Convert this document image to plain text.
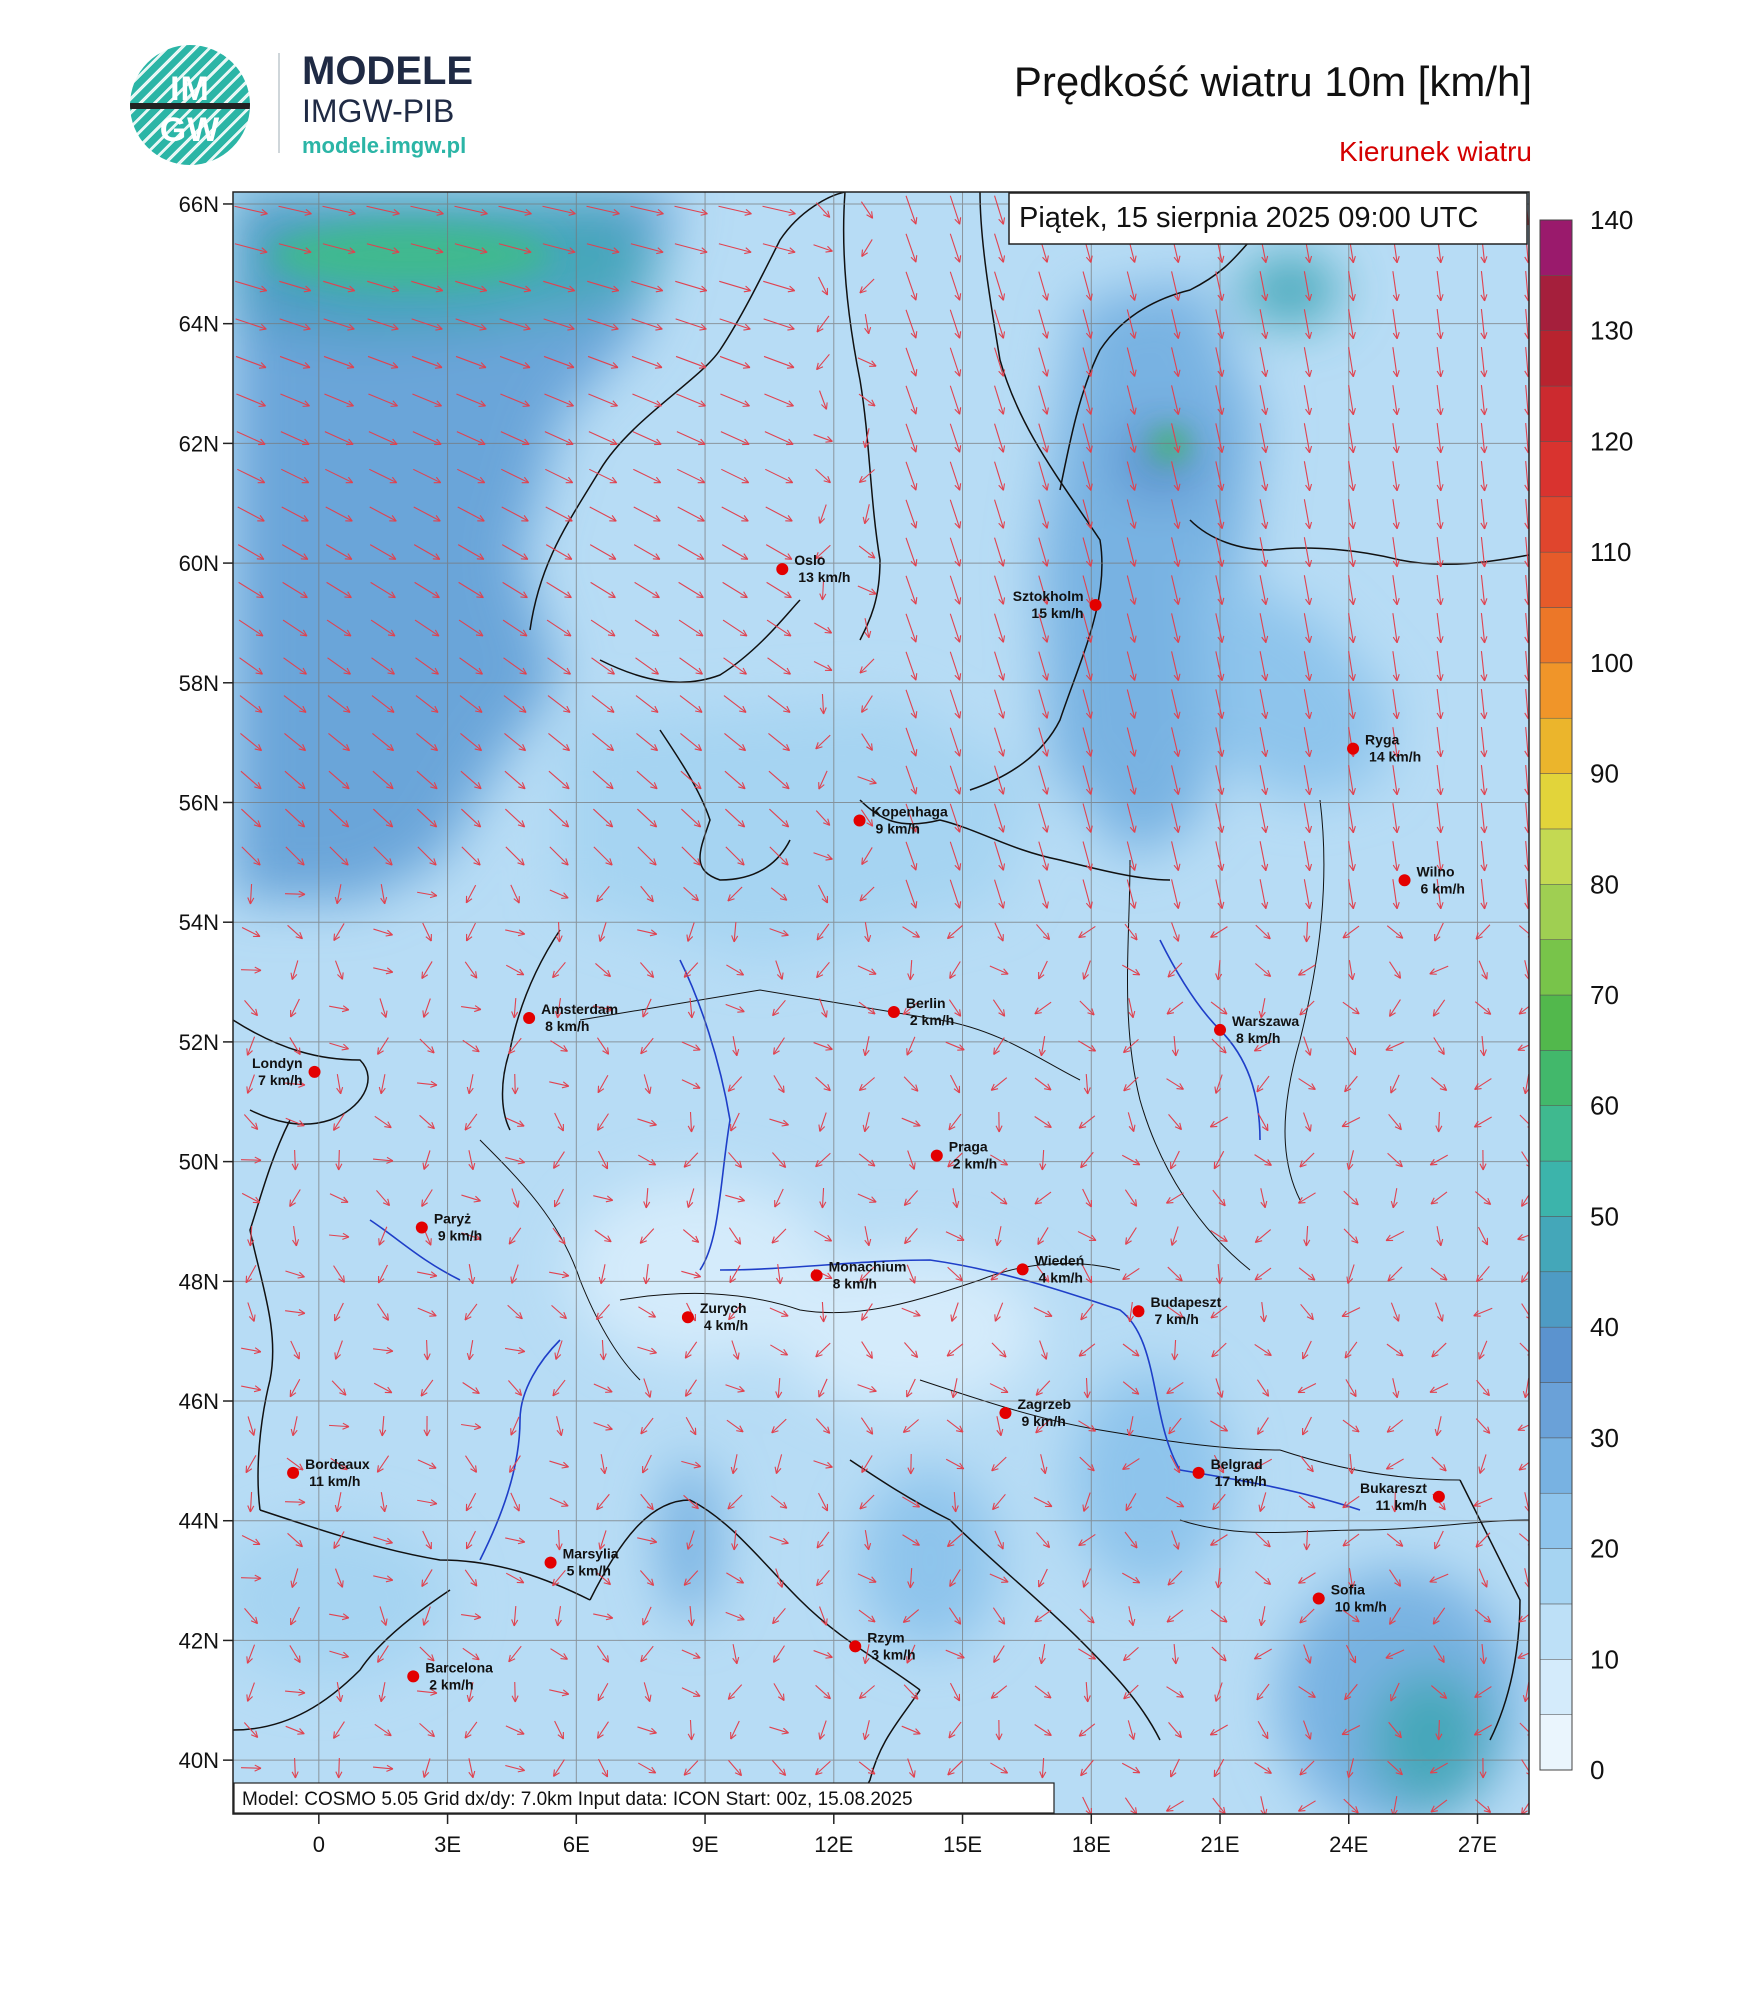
IM
GW
MODELE
IMGW-PIB
modele.imgw.pl
Prędkość wiatru 10m [km/h]
Kierunek wiatru
Oslo
13 km/h
Sztokholm
15 km/h
Ryga
14 km/h
Kopenhaga
9 km/h
Wilno
6 km/h
Amsterdam
8 km/h
Berlin
2 km/h	Warszawa
8 km/h
Londyn
7 km/h
Praga
2 km/h
Paryż
9 km/h
Monachium
8 km/h
Wiedeń
4 km/h
Zurych
4 km/h
Budapeszt
7 km/h
Zagrzeb
9 km/h
Bordeaux
11 km/h
Belgrad
17 km/h	Bukareszt
11 km/h
Marsylia
5 km/h
Sofia
10 km/h
Rzym
3 km/h
Barcelona
2 km/h
Piątek, 15 sierpnia 2025 09:00 UTC
Model: COSMO 5.05 Grid dx/dy: 7.0km Input data: ICON Start: 00z, 15.08.2025
40N
42N
44N
46N
48N
50N
52N
54N
56N
58N
60N
62N
64N
66N
0	3E	6E	9E	12E	15E	18E	21E	24E	27E
0
10
20
30
40
50
60
70
80
90
100
110
120
130
140
